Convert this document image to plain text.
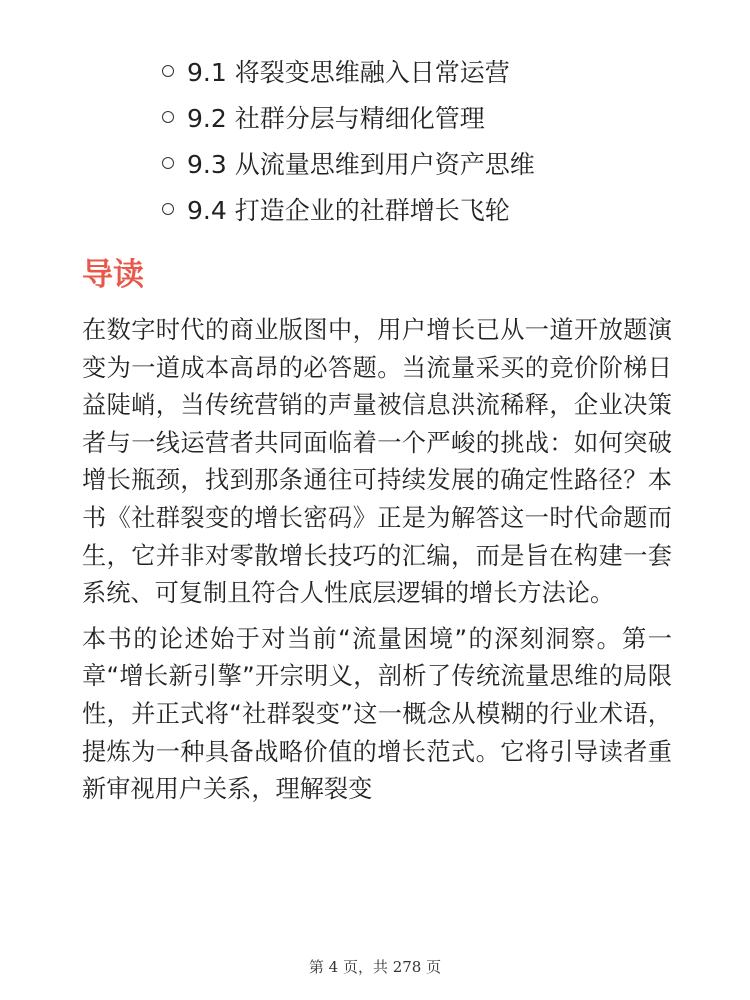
9.1 将裂变思维融入日常运营
9.2 社群分层与精细化管理
9.3 从流量思维到用户资产思维
9.4 打造企业的社群增长飞轮
导读

在数字时代的商业版图中，用户增长已从一道开放题演变为一道成本高昂的必答题。当流量采买的竞价阶梯日益陡峭，当传统营销的声量被信息洪流稀释，企业决策者与一线运营者共同面临着一个严峻的挑战：如何突破增长瓶颈，找到那条通往可持续发展的确定性路径？本书《社群裂变的增长密码》正是为解答这一时代命题而生，它并非对零散增长技巧的汇编，而是旨在构建一套系统、可复制且符合人性底层逻辑的增长方法论。

本书的论述始于对当前“流量困境”的深刻洞察。第一章“增长新引擎”开宗明义，剖析了传统流量思维的局限性，并正式将“社群裂变”这一概念从模糊的行业术语，提炼为一种具备战略价值的增长范式。它将引导读者重新审视用户关系，理解裂变

第 4 页，共 278 页
